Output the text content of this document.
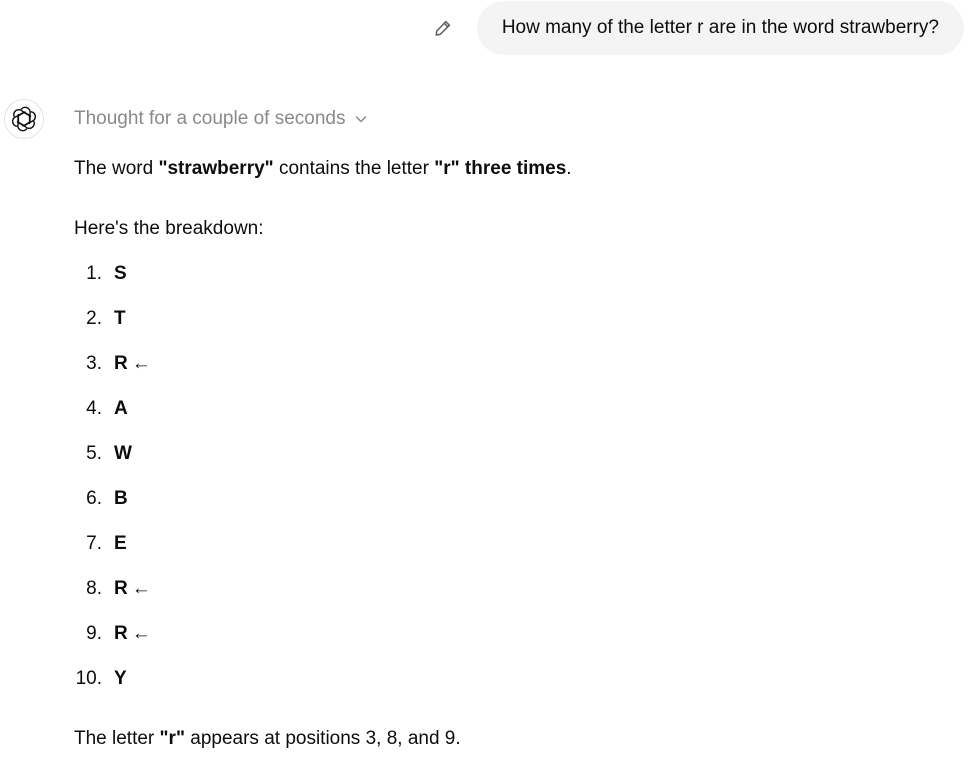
How many of the letter r are in the word strawberry?
Thought for a couple of seconds
The word "strawberry" contains the letter "r" three times.
Here's the breakdown:
1. S
2. T
3. R ←
4. A
5. W
6. B
7. E
8. R ←
9. R ←
10. Y
The letter "r" appears at positions 3, 8, and 9.
